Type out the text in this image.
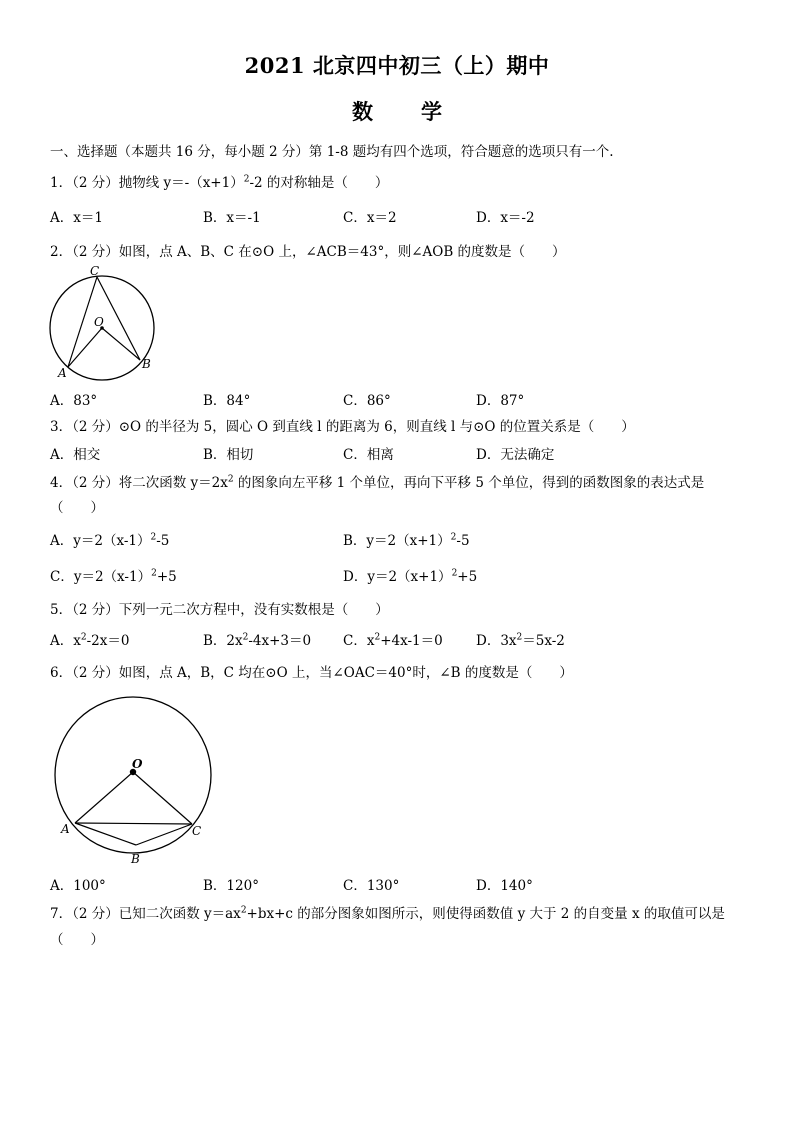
2021 北京四中初三（上）期中
数学
一、选择题（本题共 16 分，每小题 2 分）第 1-8 题均有四个选项，符合题意的选项只有一个.
1．（2 分）抛物线 $y=-(x+1)^2-2$ 的对称轴是（　　）
A．x＝1	B．x＝-1	C．x＝2	D．x＝-2
2．（2 分）如图，点 A、B、C 在⊙O 上，∠ACB＝43°，则∠AOB 的度数是（　　）
C
O
A
B
A．83°	B．84°	C．86°	D．87°
3．（2 分）⊙O 的半径为 5，圆心 O 到直线 l 的距离为 6，则直线 l 与⊙O 的位置关系是（　　）
A．相交	B．相切	C．相离	D．无法确定
4．（2 分）将二次函数 $y=2x^2$ 的图象向左平移 1 个单位，再向下平移 5 个单位，得到的函数图象的表达式是
（　　）
A．$y=2(x-1)^2-5$	B．$y=2(x+1)^2-5$
C．$y=2(x-1)^2+5$	D．$y=2(x+1)^2+5$
5．（2 分）下列一元二次方程中，没有实数根是（　　）
A．$x^2-2x=0$	B．$2x^2-4x+3=0$ C．$x^2+4x-1=0$ D．$3x^2=5x-2$
6．（2 分）如图，点 A，B，C 均在⊙O 上，当∠OAC＝40°时，∠B 的度数是（　　）
O
A
B
C
A．100°	B．120°	C．130°	D．140°
7．（2 分）已知二次函数 $y=ax^2+bx+c$ 的部分图象如图所示，则使得函数值 y 大于 2 的自变量 x 的取值可以是
（　　）
